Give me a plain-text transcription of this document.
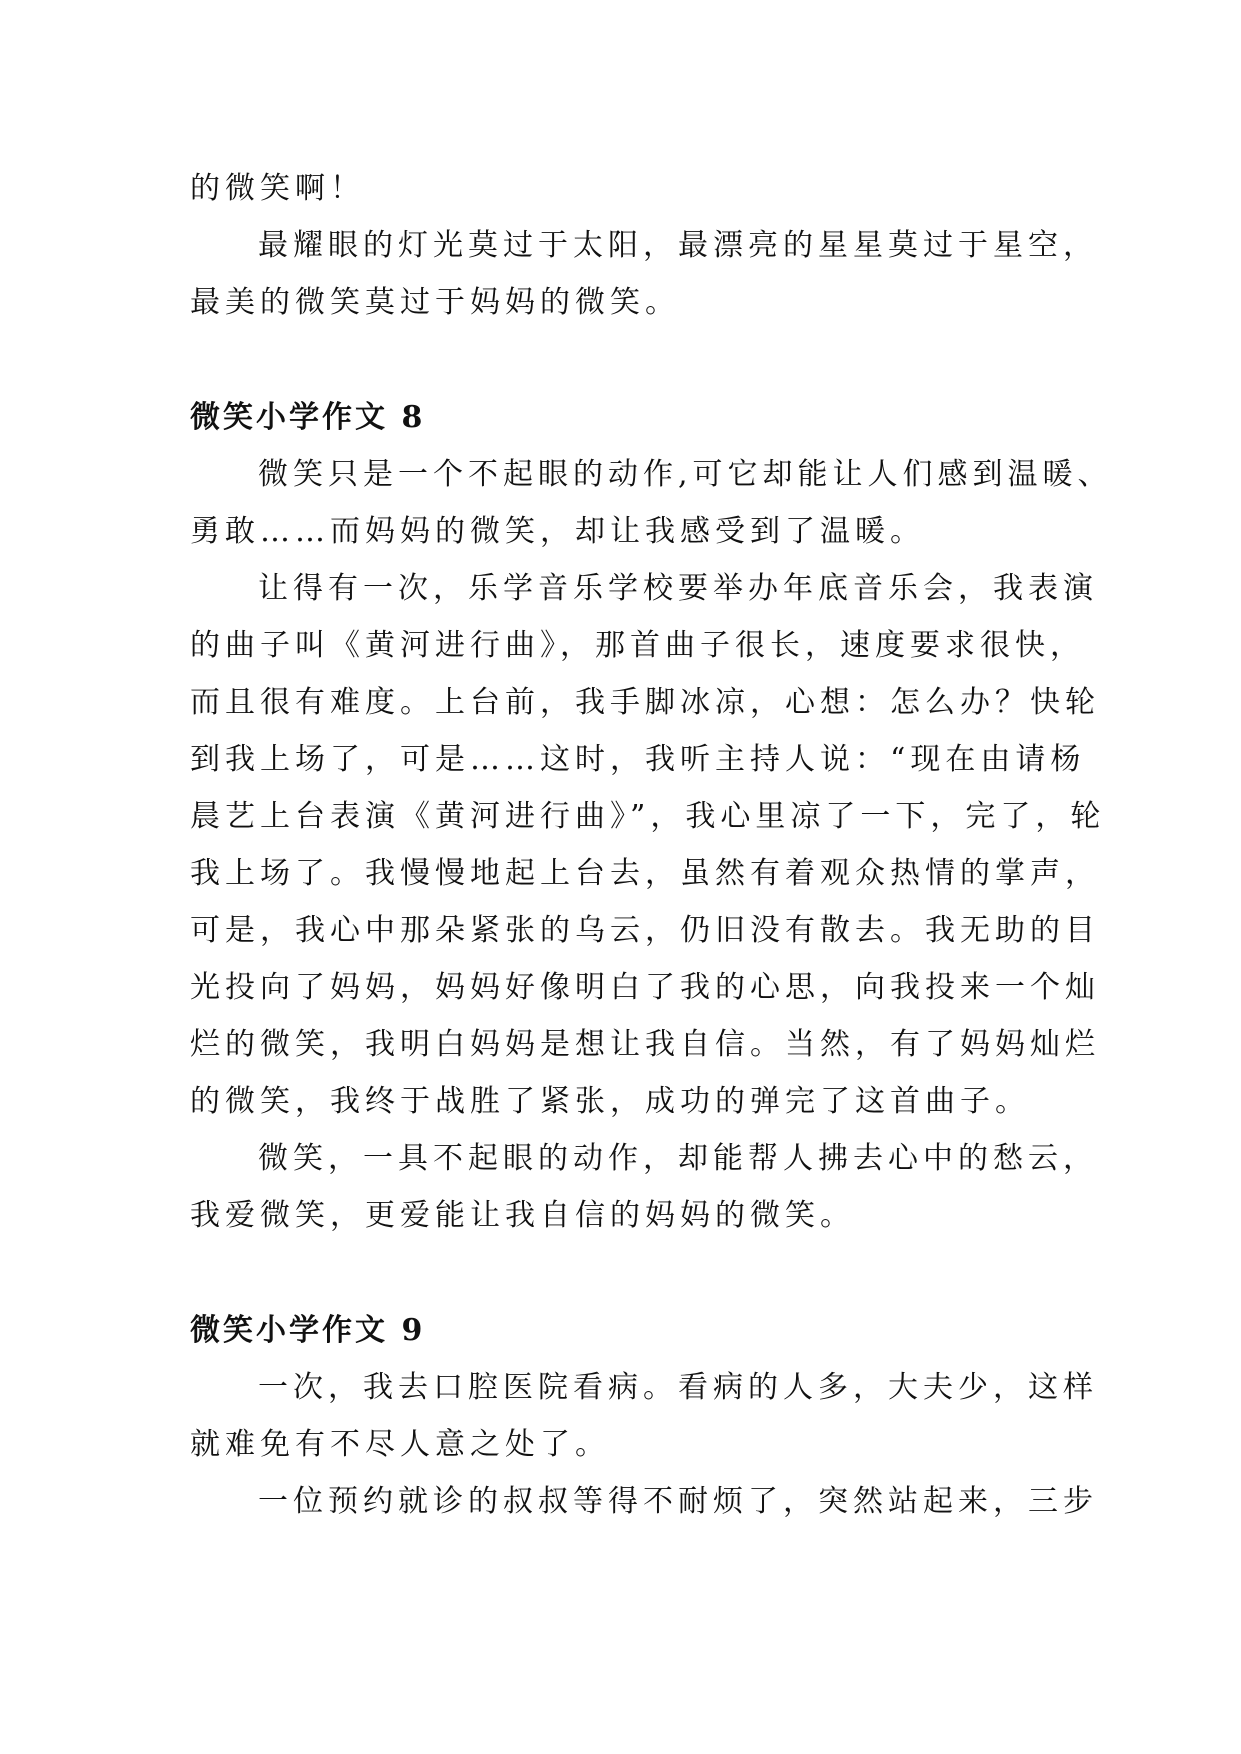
的微笑啊！

最耀眼的灯光莫过于太阳，最漂亮的星星莫过于星空，

最美的微笑莫过于妈妈的微笑。

微笑小学作文 8

微笑只是一个不起眼的动作,可它却能让人们感到温暖、

勇敢……而妈妈的微笑，却让我感受到了温暖。

让得有一次，乐学音乐学校要举办年底音乐会，我表演

的曲子叫《黄河进行曲》，那首曲子很长，速度要求很快，

而且很有难度。上台前，我手脚冰凉，心想：怎么办？快轮

到我上场了，可是……这时，我听主持人说：“现在由请杨

晨艺上台表演《黄河进行曲》”，我心里凉了一下，完了，轮

我上场了。我慢慢地起上台去，虽然有着观众热情的掌声，

可是，我心中那朵紧张的乌云，仍旧没有散去。我无助的目

光投向了妈妈，妈妈好像明白了我的心思，向我投来一个灿

烂的微笑，我明白妈妈是想让我自信。当然，有了妈妈灿烂

的微笑，我终于战胜了紧张，成功的弹完了这首曲子。

微笑，一具不起眼的动作，却能帮人拂去心中的愁云，

我爱微笑，更爱能让我自信的妈妈的微笑。

微笑小学作文 9

一次，我去口腔医院看病。看病的人多，大夫少，这样

就难免有不尽人意之处了。

一位预约就诊的叔叔等得不耐烦了，突然站起来，三步
